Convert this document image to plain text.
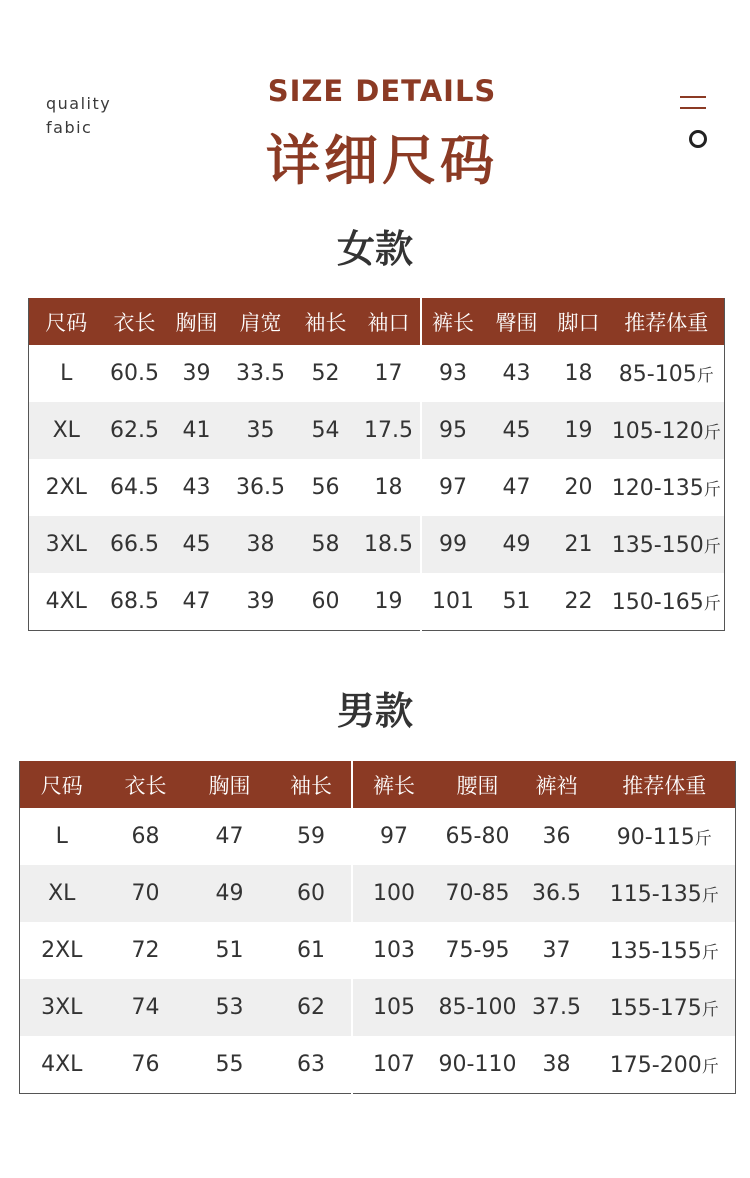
quality
fabic
SIZE DETAILS
详细尺码
女款
尺码	衣长	胸围	肩宽	袖长	袖口	裤长	臀围	脚口	推荐体重
L	60.5	39	33.5	52	17	93	43	18	85-105斤
XL	62.5	41	35	54	17.5	95	45	19	105-120斤
2XL	64.5	43	36.5	56	18	97	47	20	120-135斤
3XL	66.5	45	38	58	18.5	99	49	21	135-150斤
4XL	68.5	47	39	60	19	101	51	22	150-165斤
男款
尺码	衣长	胸围	袖长	裤长	腰围	裤裆	推荐体重
L	68	47	59	97	65-80	36	90-115斤
XL	70	49	60	100	70-85	36.5	115-135斤
2XL	72	51	61	103	75-95	37	135-155斤
3XL	74	53	62	105	85-100	37.5	155-175斤
4XL	76	55	63	107	90-110	38	175-200斤
